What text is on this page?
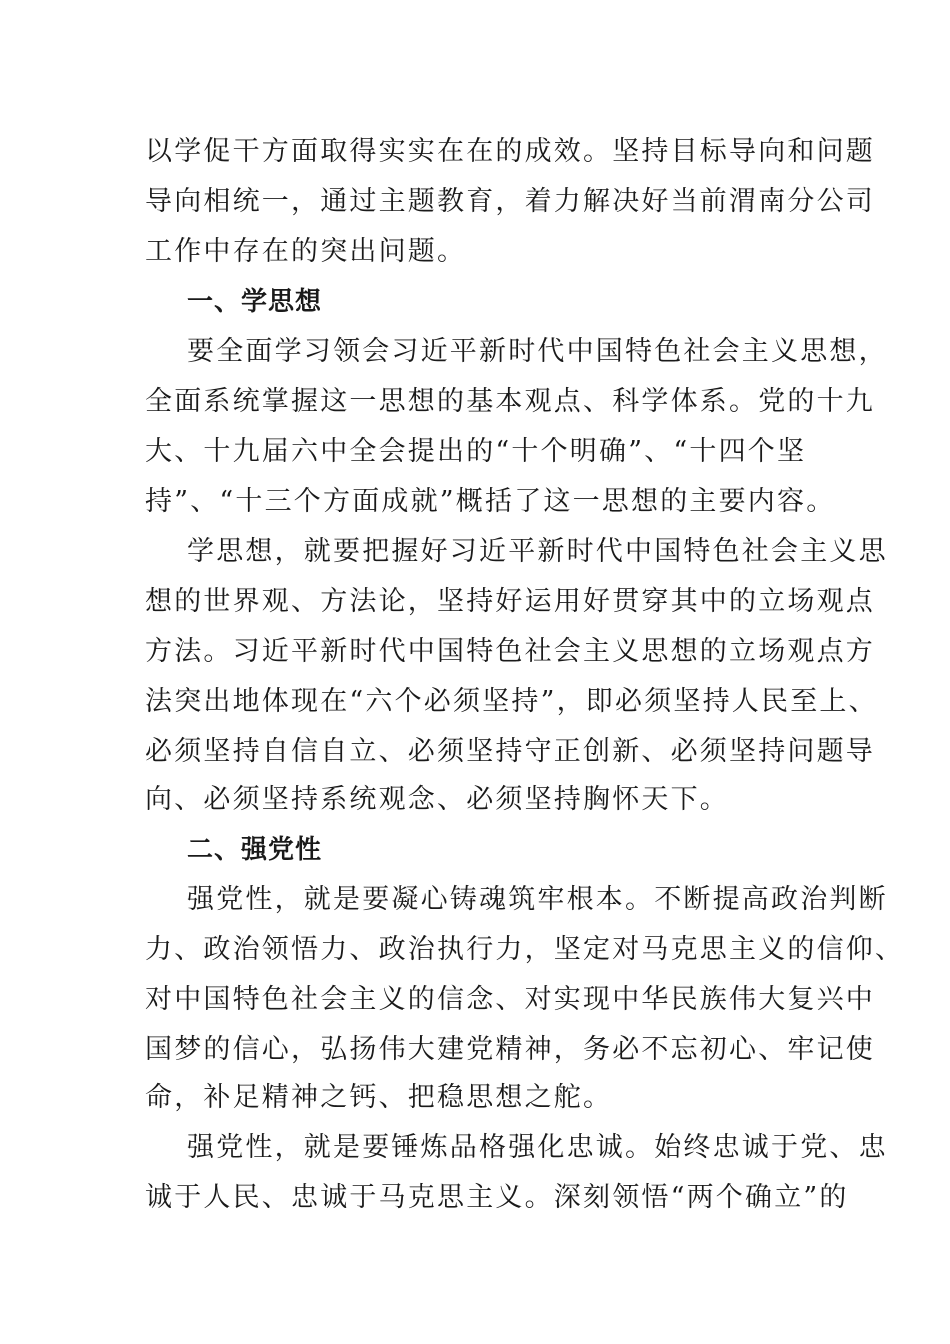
以学促干方面取得实实在在的成效。坚持目标导向和问题
导向相统一，通过主题教育，着力解决好当前渭南分公司
工作中存在的突出问题。
一、学思想
要全面学习领会习近平新时代中国特色社会主义思想，
全面系统掌握这一思想的基本观点、科学体系。党的十九
大、十九届六中全会提出的“十个明确”、“十四个坚
持”、“十三个方面成就”概括了这一思想的主要内容。
学思想，就要把握好习近平新时代中国特色社会主义思
想的世界观、方法论，坚持好运用好贯穿其中的立场观点
方法。习近平新时代中国特色社会主义思想的立场观点方
法突出地体现在“六个必须坚持”，即必须坚持人民至上、
必须坚持自信自立、必须坚持守正创新、必须坚持问题导
向、必须坚持系统观念、必须坚持胸怀天下。
二、强党性
强党性，就是要凝心铸魂筑牢根本。不断提高政治判断
力、政治领悟力、政治执行力，坚定对马克思主义的信仰、
对中国特色社会主义的信念、对实现中华民族伟大复兴中
国梦的信心，弘扬伟大建党精神，务必不忘初心、牢记使
命，补足精神之钙、把稳思想之舵。
强党性，就是要锤炼品格强化忠诚。始终忠诚于党、忠
诚于人民、忠诚于马克思主义。深刻领悟“两个确立”的
